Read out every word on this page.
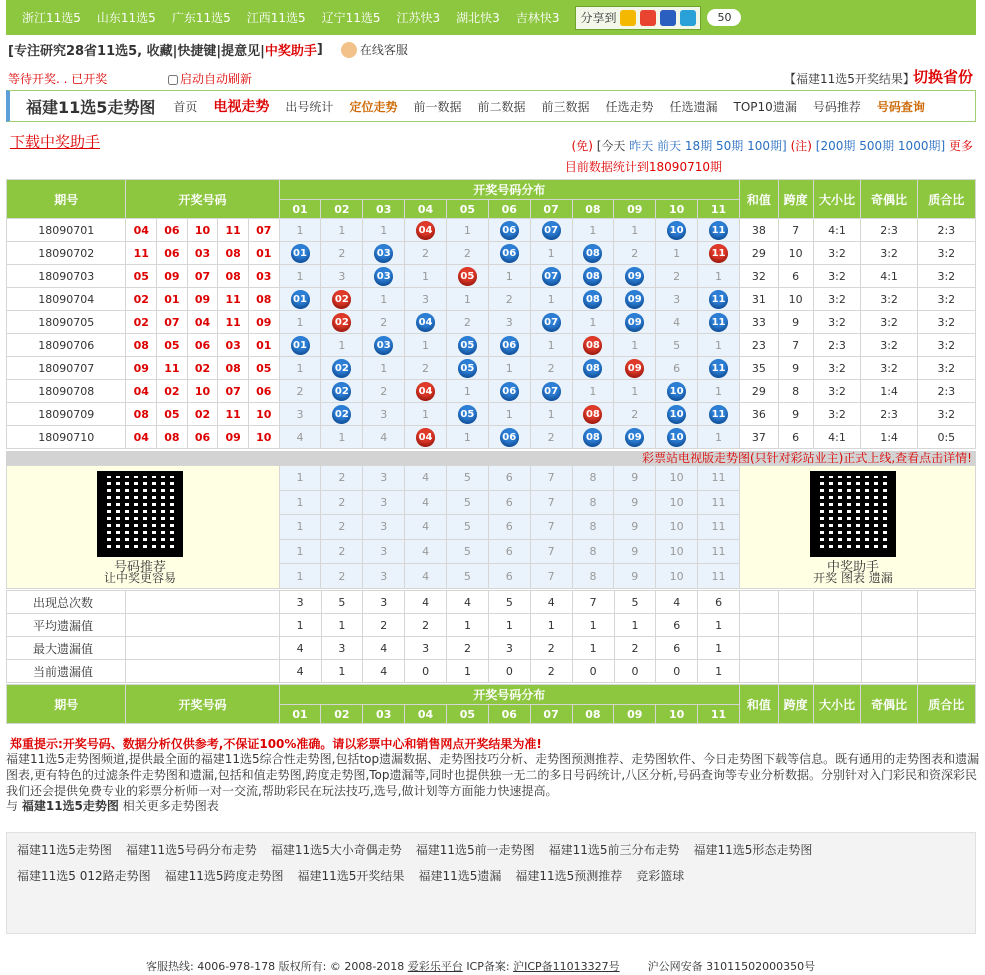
浙江11选5 山东11选5 广东11选5 江西11选5 辽宁11选5 江苏快3 湖北快3 吉林快3 分享到	50
[专注研究28省11选5, 收藏|快捷键|提意见| 中奖助手 ]	在线客服
等待开奖. . 已开奖	启动自动刷新	【福建11选5开奖结果】
切换省份
福建11选5走势图 首页 电视走势 出号统计 定位走势 前一数据 前二数据 前三数据 任选走势 任选遗漏 TOP10遗漏 号码推荐 号码查询
下载中奖助手	(免) [今天 昨天 前天 18期 50期 100期] (注) [200期 500期 1000期] 更多
目前数据统计到18090710期
期号	开奖号码					开奖号码分布											和值	跨度	大小比	奇偶比	质合比
						01	02	03	04	05	06	07	08	09	10	11					
18090701	04	06	10	11	07	1	1	1	04	1	06	07	1	1	10	11	38	7	4:1	2:3	2:3
18090702	11	06	03	08	01	01	2	03	2	2	06	1	08	2	1	11	29	10	3:2	3:2	3:2
18090703	05	09	07	08	03	1	3	03	1	05	1	07	08	09	2	1	32	6	3:2	4:1	3:2
18090704	02	01	09	11	08	01	02	1	3	1	2	1	08	09	3	11	31	10	3:2	3:2	3:2
18090705	02	07	04	11	09	1	02	2	04	2	3	07	1	09	4	11	33	9	3:2	3:2	3:2
18090706	08	05	06	03	01	01	1	03	1	05	06	1	08	1	5	1	23	7	2:3	3:2	3:2
18090707	09	11	02	08	05	1	02	1	2	05	1	2	08	09	6	11	35	9	3:2	3:2	3:2
18090708	04	02	10	07	06	2	02	2	04	1	06	07	1	1	10	1	29	8	3:2	1:4	2:3
18090709	08	05	02	11	10	3	02	3	1	05	1	1	08	2	10	11	36	9	3:2	2:3	3:2
18090710	04	08	06	09	10	4	1	4	04	1	06	2	08	09	10	1	37	6	4:1	1:4	0:5
彩票站电视版走势图(只针对彩站业主)正式上线,查看点击详情!
	1	2	3	4	5	6	7	8	9	10	11	
	1	2	3	4	5	6	7	8	9	10	11	
	1	2	3	4	5	6	7	8	9	10	11	
	1	2	3	4	5	6	7	8	9	10	11	
	1	2	3	4	5	6	7	8	9	10	11	
号码推荐
让中奖更容易
中奖助手
开奖 图表 遗漏
出现总次数		3	5	3	4	4	5	4	7	5	4	6					
平均遗漏值		1	1	2	2	1	1	1	1	1	6	1					
最大遗漏值		4	3	4	3	2	3	2	1	2	6	1					
当前遗漏值		4	1	4	0	1	0	2	0	0	0	1					
期号	开奖号码	开奖号码分布											和值	跨度	大小比	奇偶比	质合比
		01	02	03	04	05	06	07	08	09	10	11					
郑重提示:开奖号码、数据分析仅供参考,不保证100%准确。请以彩票中心和销售网点开奖结果为准!
福建11选5走势图频道,提供最全面的福建11选5综合性走势图,包括top遗漏数据、走势图技巧分析、走势图预测推荐、走势图软件、今日走势图下载等信息。既有通用的走势图表和遗漏图表,更有特色的过滤条件走势图和遗漏,包括和值走势图,跨度走势图,Top遗漏等,同时也提供独一无二的多日号码统计,八区分析,号码查询等专业分析数据。分别针对入门彩民和资深彩民我们还会提供免费专业的彩票分析师一对一交流,帮助彩民在玩法技巧,选号,做计划等方面能力快速提高。
与 福建11选5走势图 相关更多走势图表
福建11选5走势图 福建11选5号码分布走势 福建11选5大小奇偶走势 福建11选5前一走势图 福建11选5前三分布走势 福建11选5形态走势图福建11选5 012路走势图 福建11选5跨度走势图 福建11选5开奖结果 福建11选5遗漏 福建11选5预测推荐 竞彩篮球
客服热线: 4006-978-178 版权所有: © 2008-2018 爱彩乐平台 ICP备案: 沪ICP备11013327号	沪公网安备 31011502000350号
